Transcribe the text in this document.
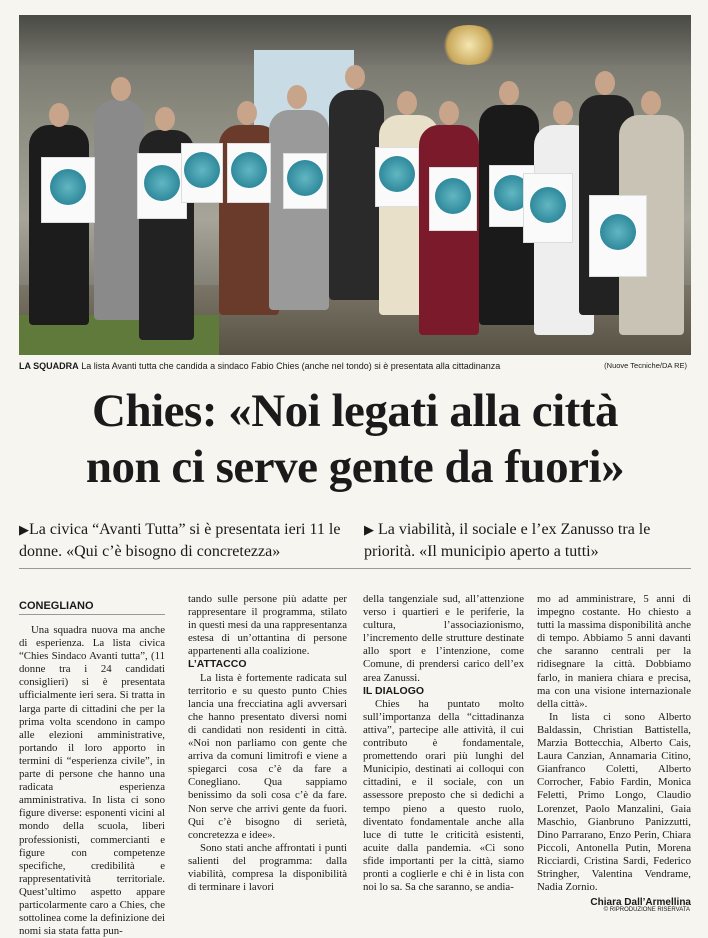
LA SQUADRA La lista Avanti tutta che candida a sindaco Fabio Chies (anche nel tondo) si è presentata alla cittadinanza	(Nuove Tecniche/DA RE)
Chies: «Noi legati alla città
non ci serve gente da fuori»
▶La civica “Avanti Tutta” si è presentata ieri 11 le donne. «Qui c’è bisogno di concretezza»
▶ La viabilità, il sociale e l’ex Zanusso tra le priorità. «Il municipio aperto a tutti»
CONEGLIANO

Una squadra nuova ma anche di esperienza. La lista civica “Chies Sindaco Avanti tutta”, (11 donne tra i 24 candidati consiglieri) si è presentata ufficialmente ieri sera. Si tratta in larga parte di cittadini che per la prima volta scendono in campo alle elezioni amministrative, portando il loro apporto in termini di “esperienza civile”, in parte di persone che hanno una radicata esperienza amministrativa. In lista ci sono figure diverse: esponenti vicini al mondo della scuola, liberi professionisti, commercianti e figure con competenze specifiche, credibilità e rappresentatività territoriale. Quest’ultimo aspetto appare particolarmente caro a Chies, che sottolinea come la definizione dei nomi sia stata fatta pun-

tando sulle persone più adatte per rappresentare il programma, stilato in questi mesi da una rappresentanza estesa di un’ottantina di persone appartenenti alla coalizione.

L’ATTACCO

La lista è fortemente radicata sul territorio e su questo punto Chies lancia una frecciatina agli avversari che hanno presentato diversi nomi di candidati non residenti in città. «Noi non parliamo con gente che arriva da comuni limitrofi e viene a spiegarci cosa c’è da fare a Conegliano. Qua sappiamo benissimo da soli cosa c’è da fare. Non serve che arrivi gente da fuori. Qui c’è bisogno di serietà, concretezza e idee».

Sono stati anche affrontati i punti salienti del programma: dalla viabilità, compresa la disponibilità di terminare i lavori

della tangenziale sud, all’attenzione verso i quartieri e le periferie, la cultura, l’associazionismo, l’incremento delle strutture destinate allo sport e l’intenzione, come Comune, di prendersi carico dell’ex area Zanussi.

IL DIALOGO

Chies ha puntato molto sull’importanza della “cittadinanza attiva”, partecipe alle attività, il cui contributo è fondamentale, promettendo orari più lunghi del Municipio, destinati ai colloqui con cittadini, e il sociale, con un assessore preposto che si dedichi a tempo pieno a questo ruolo, diventato fondamentale anche alla luce di tutte le criticità esistenti, acuite dalla pandemia. «Ci sono sfide importanti per la città, siamo pronti a coglierle e chi è in lista con noi lo sa. Sa che saranno, se andia-

mo ad amministrare, 5 anni di impegno costante. Ho chiesto a tutti la massima disponibilità anche di tempo. Abbiamo 5 anni davanti che saranno centrali per la ridisegnare la città. Dobbiamo farlo, in maniera chiara e precisa, ma con una visione internazionale della città».

In lista ci sono Alberto Baldassin, Christian Battistella, Marzia Bottecchia, Alberto Cais, Laura Canzian, Annamaria Citino, Gianfranco Coletti, Alberto Corrocher, Fabio Fardin, Monica Feletti, Primo Longo, Claudio Lorenzet, Paolo Manzalini, Gaia Maschio, Gianbruno Panizzutti, Dino Parrarano, Enzo Perin, Chiara Piccoli, Antonella Putin, Morena Ricciardi, Cristina Sardi, Federico Stringher, Valentina Vendrame, Nadia Zornio.

Chiara Dall’Armellina
© RIPRODUZIONE RISERVATA
